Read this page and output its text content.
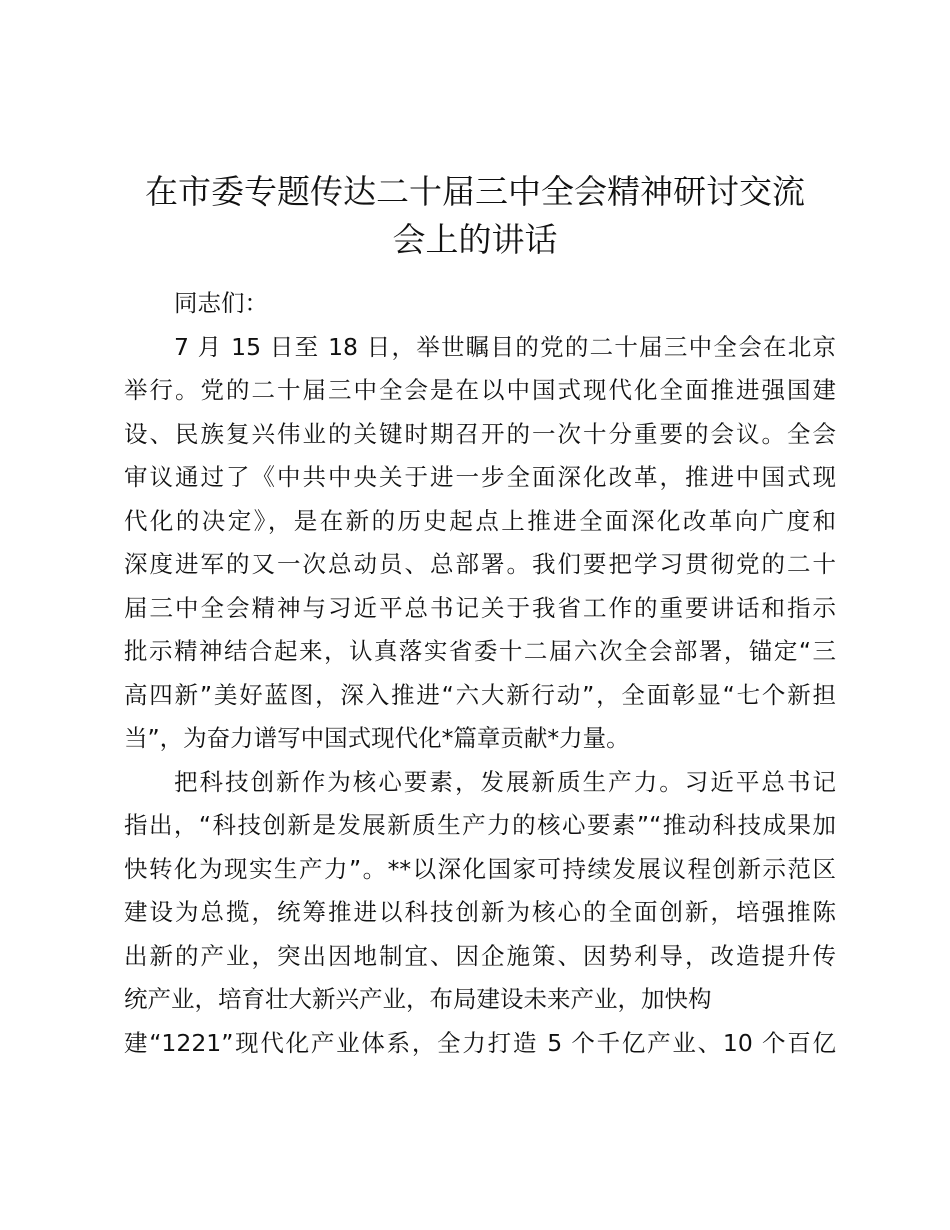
在市委专题传达二十届三中全会精神研讨交流
会上的讲话
同志们：
7 月 15 日至 18 日，举世瞩目的党的二十届三中全会在北京
举行。党的二十届三中全会是在以中国式现代化全面推进强国建
设、民族复兴伟业的关键时期召开的一次十分重要的会议。全会
审议通过了《中共中央关于进一步全面深化改革，推进中国式现
代化的决定》，是在新的历史起点上推进全面深化改革向广度和
深度进军的又一次总动员、总部署。我们要把学习贯彻党的二十
届三中全会精神与习近平总书记关于我省工作的重要讲话和指示
批示精神结合起来，认真落实省委十二届六次全会部署，锚定“三
高四新”美好蓝图，深入推进“六大新行动”，全面彰显“七个新担
当”，为奋力谱写中国式现代化*篇章贡献*力量。
把科技创新作为核心要素，发展新质生产力。习近平总书记
指出，“科技创新是发展新质生产力的核心要素”“推动科技成果加
快转化为现实生产力”。**以深化国家可持续发展议程创新示范区
建设为总揽，统筹推进以科技创新为核心的全面创新，培强推陈
出新的产业，突出因地制宜、因企施策、因势利导，改造提升传
统产业，培育壮大新兴产业，布局建设未来产业，加快构
建“1221”现代化产业体系，全力打造 5 个千亿产业、10 个百亿
